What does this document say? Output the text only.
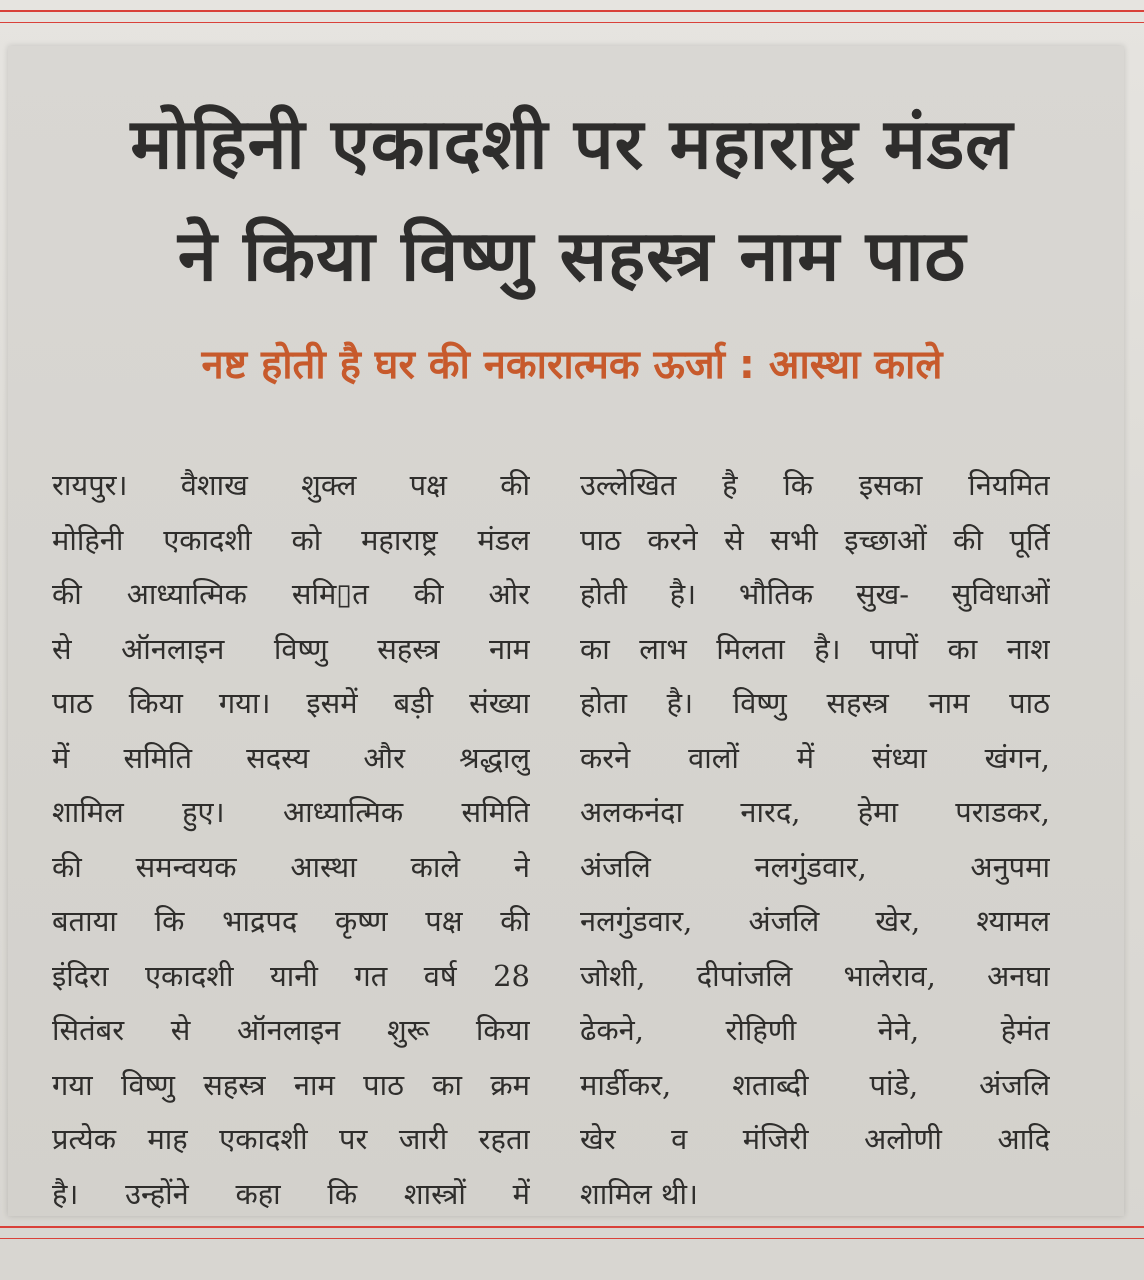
मोहिनी एकादशी पर महाराष्ट्र मंडल
ने किया विष्णु सहस्त्र नाम पाठ
नष्ट होती है घर की नकारात्मक ऊर्जा : आस्था काले
रायपुर। वैशाख शुक्ल पक्ष की
मोहिनी एकादशी को महाराष्ट्र मंडल
की आध्यात्मिक समि▯त की ओर
से ऑनलाइन विष्णु सहस्त्र नाम
पाठ किया गया। इसमें बड़ी संख्या
में समिति सदस्य और श्रद्धालु
शामिल हुए। आध्यात्मिक समिति
की समन्वयक आस्था काले ने
बताया कि भाद्रपद कृष्ण पक्ष की
इंदिरा एकादशी यानी गत वर्ष 28
सितंबर से ऑनलाइन शुरू किया
गया विष्णु सहस्त्र नाम पाठ का क्रम
प्रत्येक माह एकादशी पर जारी रहता
है। उन्होंने कहा कि शास्त्रों में
उल्लेखित है कि इसका नियमित
पाठ करने से सभी इच्छाओं की पूर्ति
होती है। भौतिक सुख- सुविधाओं
का लाभ मिलता है। पापों का नाश
होता है। विष्णु सहस्त्र नाम पाठ
करने वालों में संध्या खंगन,
अलकनंदा नारद, हेमा पराडकर,
अंजलि नलगुंडवार, अनुपमा
नलगुंडवार, अंजलि खेर, श्यामल
जोशी, दीपांजलि भालेराव, अनघा
ढेकने, रोहिणी नेने, हेमंत
मार्डीकर, शताब्दी पांडे, अंजलि
खेर व मंजिरी अलोणी आदि
शामिल थी।
